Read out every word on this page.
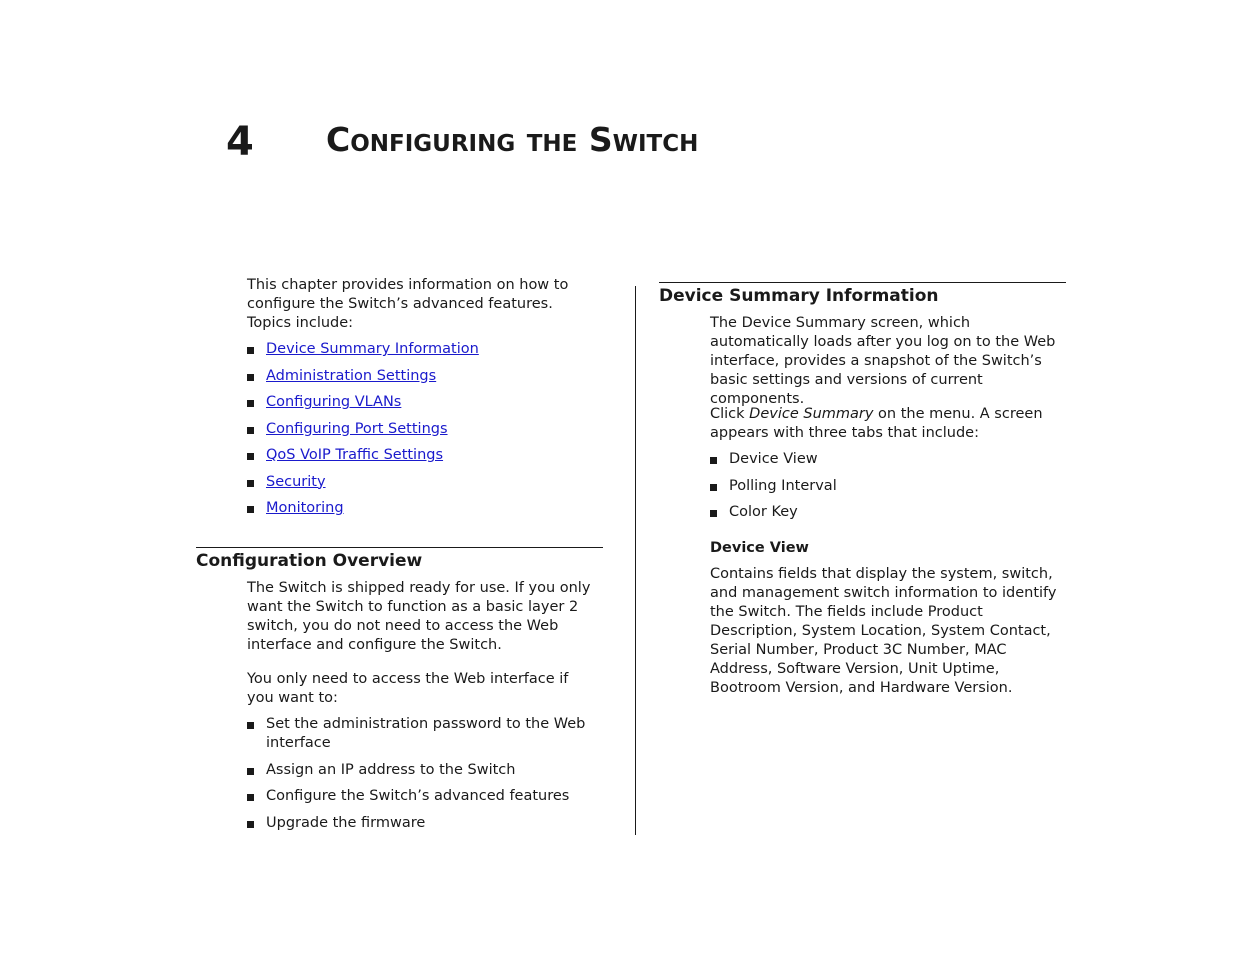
4 Configuring the Switch

This chapter provides information on how to configure the Switch’s advanced features. Topics include:

Device Summary Information
Administration Settings
Configuring VLANs
Configuring Port Settings
QoS VoIP Traffic Settings
Security
Monitoring
Configuration Overview

The Switch is shipped ready for use. If you only want the Switch to function as a basic layer 2 switch, you do not need to access the Web interface and configure the Switch.

You only need to access the Web interface if you want to:

Set the administration password to the Web interface
Assign an IP address to the Switch
Configure the Switch’s advanced features
Upgrade the firmware
Device Summary Information

The Device Summary screen, which automatically loads after you log on to the Web interface, provides a snapshot of the Switch’s basic settings and versions of current components.

Click Device Summary on the menu. A screen appears with three tabs that include:

Device View
Polling Interval
Color Key
Device View

Contains fields that display the system, switch, and management switch information to identify the Switch. The fields include Product Description, System Location, System Contact, Serial Number, Product 3C Number, MAC Address, Software Version, Unit Uptime, Bootroom Version, and Hardware Version.
